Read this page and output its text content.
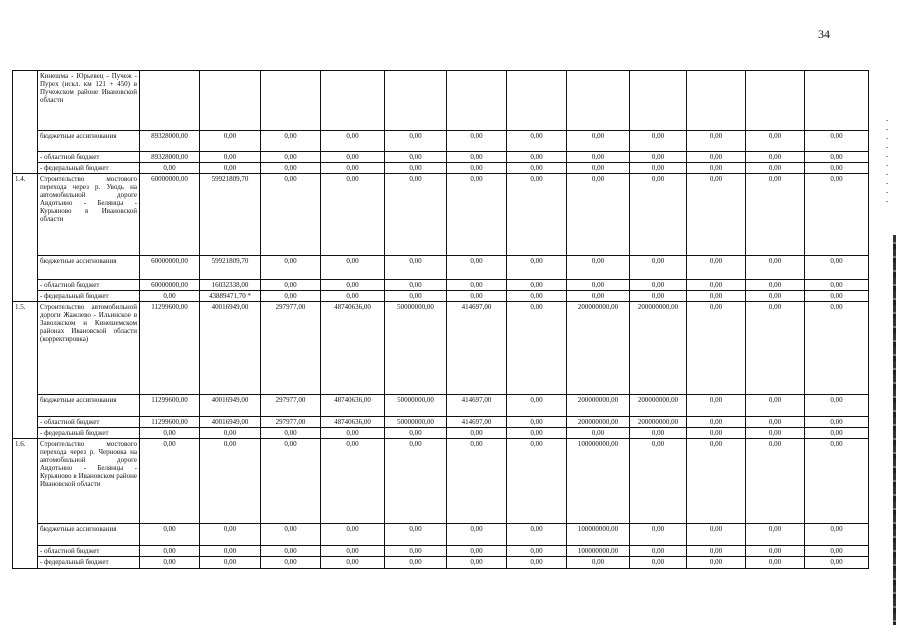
34
	Кинешма - Юрьевец - Пучеж - Пурех (искл. км 121 + 450) в Пучежском районе Ивановской области												
	бюджетные ассигнования	89328000,00	0,00	0,00	0,00	0,00	0,00	0,00	0,00	0,00	0,00	0,00	0,00
	- областной бюджет	89328000,00	0,00	0,00	0,00	0,00	0,00	0,00	0,00	0,00	0,00	0,00	0,00
	- федеральный бюджет	0,00	0,00	0,00	0,00	0,00	0,00	0,00	0,00	0,00	0,00	0,00	0,00
1.4.	Строительство мостового перехода через р. Уводь на автомобильной дороге Авдотьино - Белянцы - Курьяново в Ивановской области	60000000,00	59921809,70	0,00	0,00	0,00	0,00	0,00	0,00	0,00	0,00	0,00	0,00
	бюджетные ассигнования	60000000,00	59921809,70	0,00	0,00	0,00	0,00	0,00	0,00	0,00	0,00	0,00	0,00
	- областной бюджет	60000000,00	16032338,00	0,00	0,00	0,00	0,00	0,00	0,00	0,00	0,00	0,00	0,00
	- федеральный бюджет	0,00	43889471,70 *	0,00	0,00	0,00	0,00	0,00	0,00	0,00	0,00	0,00	0,00
1.5.	Строительство автомобильной дороги Жажлево - Ильинское в Заволжском и Кинешемском районах Ивановской области (корректировка)	11299600,00	40016949,00	297977,00	48740636,00	50000000,00	414697,00	0,00	200000000,00	200000000,00	0,00	0,00	0,00
	бюджетные ассигнования	11299600,00	40016949,00	297977,00	48740636,00	50000000,00	414697,00	0,00	200000000,00	200000000,00	0,00	0,00	0,00
	- областной бюджет	11299600,00	40016949,00	297977,00	48740636,00	50000000,00	414697,00	0,00	200000000,00	200000000,00	0,00	0,00	0,00
	- федеральный бюджет	0,00	0,00	0,00	0,00	0,00	0,00	0,00	0,00	0,00	0,00	0,00	0,00
1.6.	Строительство мостового перехода через р. Черновка на автомобильной дороге Авдотьино - Белянцы - Курьяново в Ивановском районе Ивановской области	0,00	0,00	0,00	0,00	0,00	0,00	0,00	100000000,00	0,00	0,00	0,00	0,00
	бюджетные ассигнования	0,00	0,00	0,00	0,00	0,00	0,00	0,00	100000000,00	0,00	0,00	0,00	0,00
	- областной бюджет	0,00	0,00	0,00	0,00	0,00	0,00	0,00	100000000,00	0,00	0,00	0,00	0,00
	- федеральный бюджет	0,00	0,00	0,00	0,00	0,00	0,00	0,00	0,00	0,00	0,00	0,00	0,00
